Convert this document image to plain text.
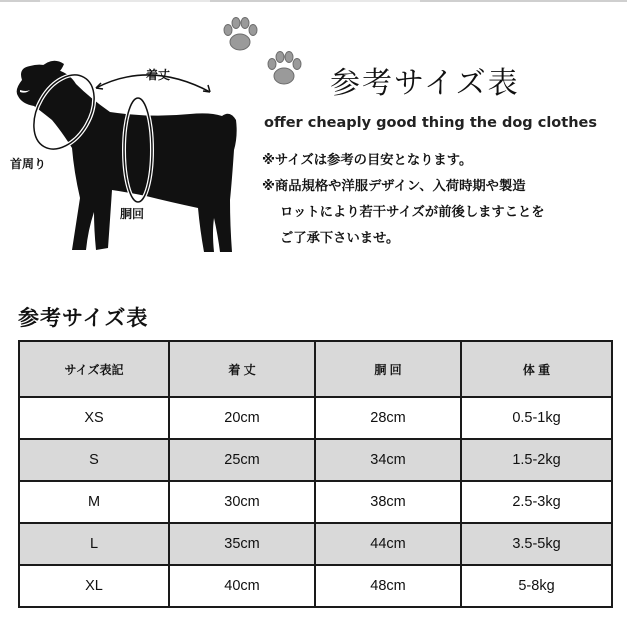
着丈
首周り
胴回
参考サイズ表
offer cheaply good thing the dog clothes
※サイズは参考の目安となります。
※商品規格や洋服デザイン、入荷時期や製造
ロットにより若干サイズが前後しますことを
ご了承下さいませ。
参考サイズ表
サイズ表記	着 丈	胴 回	体 重
XS	20cm	28cm	0.5-1kg
S	25cm	34cm	1.5-2kg
M	30cm	38cm	2.5-3kg
L	35cm	44cm	3.5-5kg
XL	40cm	48cm	5-8kg
